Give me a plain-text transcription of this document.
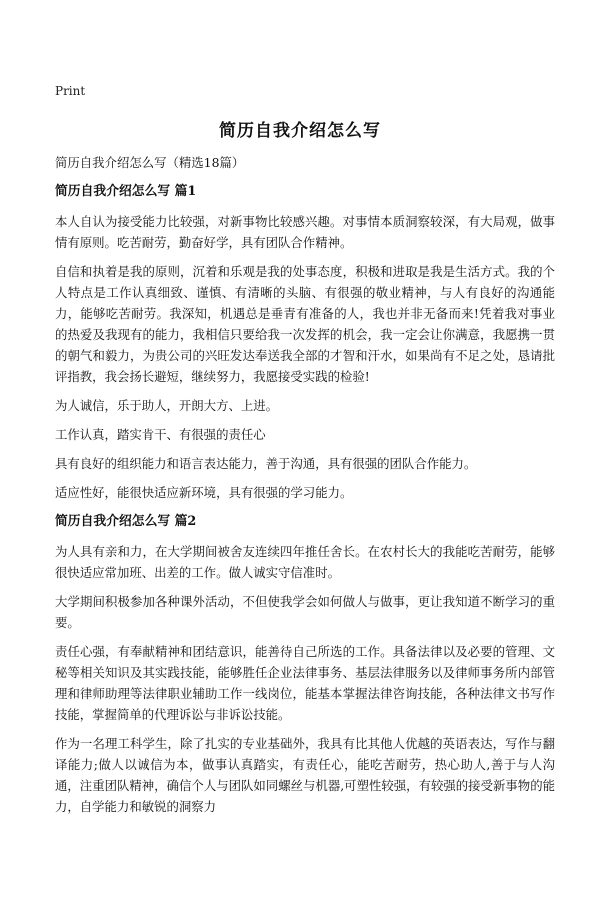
Print
简历自我介绍怎么写
简历自我介绍怎么写（精选18篇）
简历自我介绍怎么写 篇1

本人自认为接受能力比较强，对新事物比较感兴趣。对事情本质洞察较深，有大局观，做事情有原则。吃苦耐劳，勤奋好学，具有团队合作精神。

自信和执着是我的原则，沉着和乐观是我的处事态度，积极和进取是我是生活方式。我的个人特点是工作认真细致、谨慎、有清晰的头脑、有很强的敬业精神，与人有良好的沟通能力，能够吃苦耐劳。我深知，机遇总是垂青有准备的人，我也并非无备而来!凭着我对事业的热爱及我现有的能力，我相信只要给我一次发挥的机会，我一定会让你满意，我愿携一贯的朝气和毅力，为贵公司的兴旺发达奉送我全部的才智和汗水，如果尚有不足之处，恳请批评指教，我会扬长避短，继续努力，我愿接受实践的检验!

为人诚信，乐于助人，开朗大方、上进。

工作认真，踏实肯干、有很强的责任心

具有良好的组织能力和语言表达能力，善于沟通，具有很强的团队合作能力。

适应性好，能很快适应新环境，具有很强的学习能力。

简历自我介绍怎么写 篇2

为人具有亲和力，在大学期间被舍友连续四年推任舍长。在农村长大的我能吃苦耐劳，能够很快适应常加班、出差的工作。做人诚实守信准时。

大学期间积极参加各种课外活动，不但使我学会如何做人与做事，更让我知道不断学习的重要。

责任心强，有奉献精神和团结意识，能善待自己所选的工作。具备法律以及必要的管理、文秘等相关知识及其实践技能，能够胜任企业法律事务、基层法律服务以及律师事务所内部管理和律师助理等法律职业辅助工作一线岗位，能基本掌握法律咨询技能，各种法律文书写作技能，掌握简单的代理诉讼与非诉讼技能。

作为一名理工科学生，除了扎实的专业基础外，我具有比其他人优越的英语表达，写作与翻译能力;做人以诚信为本，做事认真踏实，有责任心，能吃苦耐劳，热心助人,善于与人沟通，注重团队精神，确信个人与团队如同螺丝与机器,可塑性较强，有较强的接受新事物的能力，自学能力和敏锐的洞察力
